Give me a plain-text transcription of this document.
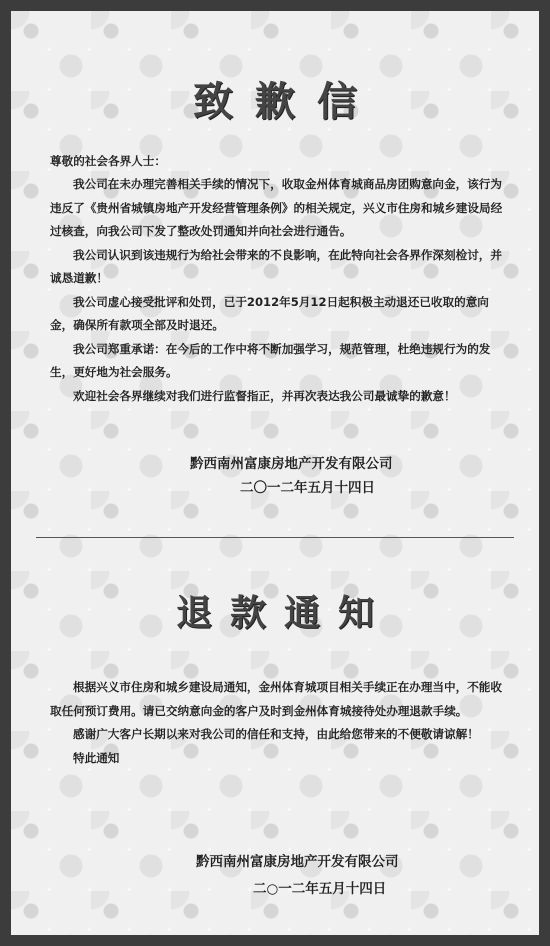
致歉信
尊敬的社会各界人士：

我公司在未办理完善相关手续的情况下，收取金州体育城商品房团购意向金，该行为违反了《贵州省城镇房地产开发经营管理条例》的相关规定，兴义市住房和城乡建设局经过核查，向我公司下发了整改处罚通知并向社会进行通告。

我公司认识到该违规行为给社会带来的不良影响，在此特向社会各界作深刻检讨，并诚恳道歉！

我公司虚心接受批评和处罚，已于2012年5月12日起积极主动退还已收取的意向金，确保所有款项全部及时退还。

我公司郑重承诺：在今后的工作中将不断加强学习，规范管理，杜绝违规行为的发生，更好地为社会服务。

欢迎社会各界继续对我们进行监督指正，并再次表达我公司最诚挚的歉意！

黔西南州富康房地产开发有限公司
二〇一二年五月十四日
退款通知

根据兴义市住房和城乡建设局通知，金州体育城项目相关手续正在办理当中，不能收取任何预订费用。请已交纳意向金的客户及时到金州体育城接待处办理退款手续。

感谢广大客户长期以来对我公司的信任和支持，由此给您带来的不便敬请谅解！

特此通知

黔西南州富康房地产开发有限公司
二○一二年五月十四日
